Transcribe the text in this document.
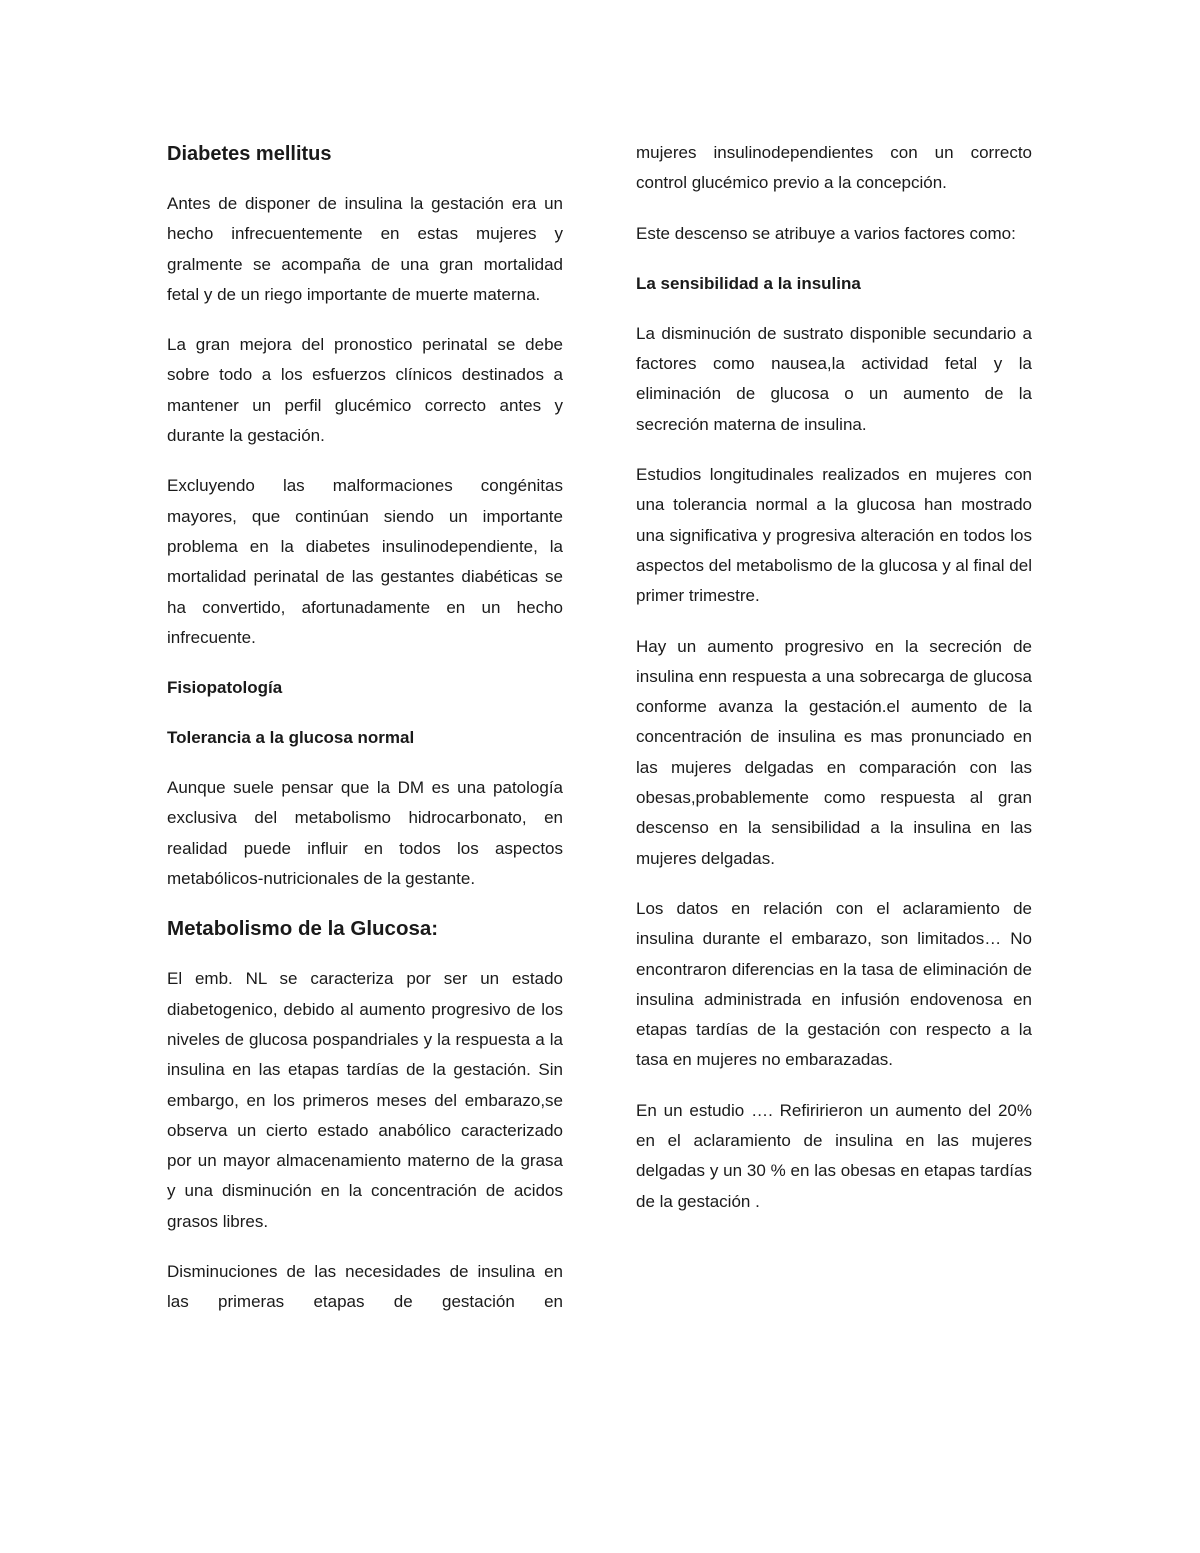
Diabetes mellitus

Antes de disponer de insulina la gestación era un hecho infrecuentemente en estas mujeres y gralmente se acompaña de una gran mortalidad fetal y de un riego importante de muerte materna.

La gran mejora del pronostico perinatal se debe sobre todo a los esfuerzos clínicos destinados a mantener un perfil glucémico correcto antes y durante la gestación.

Excluyendo las malformaciones congénitas mayores, que continúan siendo un importante problema en la diabetes insulinodependiente, la mortalidad perinatal de las gestantes diabéticas se ha convertido, afortunadamente en un hecho infrecuente.

Fisiopatología
Tolerancia a la glucosa normal

Aunque suele pensar que la DM es una patología exclusiva del metabolismo hidrocarbonato, en realidad puede influir en todos los aspectos metabólicos-nutricionales de la gestante.

Metabolismo de la Glucosa:

El emb. NL se caracteriza por ser un estado diabetogenico, debido al aumento progresivo de los niveles de glucosa pospandriales y la respuesta a la insulina en las etapas tardías de la gestación. Sin embargo, en los primeros meses del embarazo,se observa un cierto estado anabólico caracterizado por un mayor almacenamiento materno de la grasa y una disminución en la concentración de acidos grasos libres.

Disminuciones de las necesidades de insulina en las primeras etapas de gestación en

mujeres insulinodependientes con un correcto control glucémico previo a la concepción.

Este descenso se atribuye a varios factores como:

La sensibilidad a la insulina

La disminución de sustrato disponible secundario a factores como nausea,la actividad fetal y la eliminación de glucosa o un aumento de la secreción materna de insulina.

Estudios longitudinales realizados en mujeres con una tolerancia normal a la glucosa han mostrado una significativa y progresiva alteración en todos los aspectos del metabolismo de la glucosa y al final del primer trimestre.

Hay un aumento progresivo en la secreción de insulina enn respuesta a una sobrecarga de glucosa conforme avanza la gestación.el aumento de la concentración de insulina es mas pronunciado en las mujeres delgadas en comparación con las obesas,probablemente como respuesta al gran descenso en la sensibilidad a la insulina en las mujeres delgadas.

Los datos en relación con el aclaramiento de insulina durante el embarazo, son limitados… No encontraron diferencias en la tasa de eliminación de insulina administrada en infusión endovenosa en etapas tardías de la gestación con respecto a la tasa en mujeres no embarazadas.

En un estudio …. Refiririeron un aumento del 20% en el aclaramiento de insulina en las mujeres delgadas y un 30 % en las obesas en etapas tardías de la gestación .
